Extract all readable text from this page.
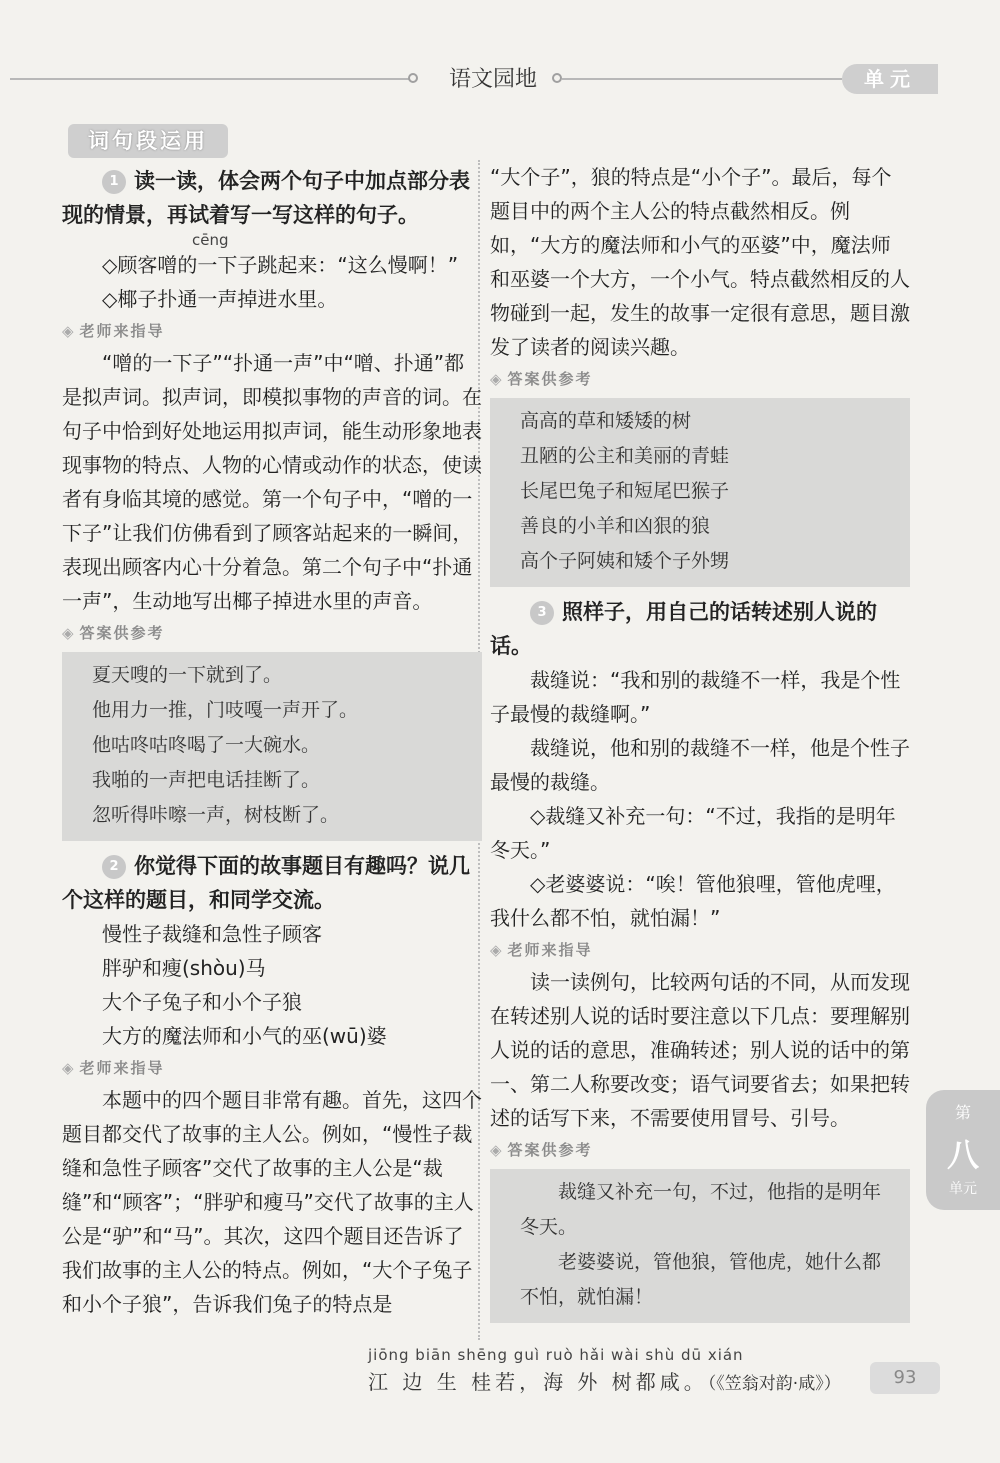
语文园地	单元
词句段运用

1 读一读，体会两个句子中加点部分表现的情景，再试着写一写这样的句子。

cēng

◇顾客噌的一下子跳起来：“这么慢啊！”

◇椰子扑通一声掉进水里。

◈ 老师来指导

“噌的一下子”“扑通一声”中“噌、扑通”都是拟声词。拟声词，即模拟事物的声音的词。在句子中恰到好处地运用拟声词，能生动形象地表现事物的特点、人物的心情或动作的状态，使读者有身临其境的感觉。第一个句子中，“噌的一下子”让我们仿佛看到了顾客站起来的一瞬间，表现出顾客内心十分着急。第二个句子中“扑通一声”，生动地写出椰子掉进水里的声音。

◈ 答案供参考

夏天嗖的一下就到了。

他用力一推，门吱嘎一声开了。

他咕咚咕咚喝了一大碗水。

我啪的一声把电话挂断了。

忽听得咔嚓一声，树枝断了。

2 你觉得下面的故事题目有趣吗？说几个这样的题目，和同学交流。

慢性子裁缝和急性子顾客

胖驴和瘦(shòu)马

大个子兔子和小个子狼

大方的魔法师和小气的巫(wū)婆

◈ 老师来指导

本题中的四个题目非常有趣。首先，这四个题目都交代了故事的主人公。例如，“慢性子裁缝和急性子顾客”交代了故事的主人公是“裁缝”和“顾客”；“胖驴和瘦马”交代了故事的主人公是“驴”和“马”。其次，这四个题目还告诉了我们故事的主人公的特点。例如，“大个子兔子和小个子狼”，告诉我们兔子的特点是

“大个子”，狼的特点是“小个子”。最后，每个题目中的两个主人公的特点截然相反。例如，“大方的魔法师和小气的巫婆”中，魔法师和巫婆一个大方，一个小气。特点截然相反的人物碰到一起，发生的故事一定很有意思，题目激发了读者的阅读兴趣。

◈ 答案供参考

高高的草和矮矮的树

丑陋的公主和美丽的青蛙

长尾巴兔子和短尾巴猴子

善良的小羊和凶狠的狼

高个子阿姨和矮个子外甥

3 照样子，用自己的话转述别人说的话。

裁缝说：“我和别的裁缝不一样，我是个性子最慢的裁缝啊。”

裁缝说，他和别的裁缝不一样，他是个性子最慢的裁缝。

◇裁缝又补充一句：“不过，我指的是明年冬天。”

◇老婆婆说：“唉！管他狼哩，管他虎哩，我什么都不怕，就怕漏！”

◈ 老师来指导

读一读例句，比较两句话的不同，从而发现在转述别人说的话时要注意以下几点：要理解别人说的话的意思，准确转述；别人说的话中的第一、第二人称要改变；语气词要省去；如果把转述的话写下来，不需要使用冒号、引号。

◈ 答案供参考

裁缝又补充一句，不过，他指的是明年冬天。

老婆婆说，管他狼，管他虎，她什么都不怕，就怕漏！

第
八
单元
jiōng biān shēng guì ruò hǎi wài shù dū xián
江 边 生 桂若，海 外 树都咸。（《笠翁对韵·咸》）	93
